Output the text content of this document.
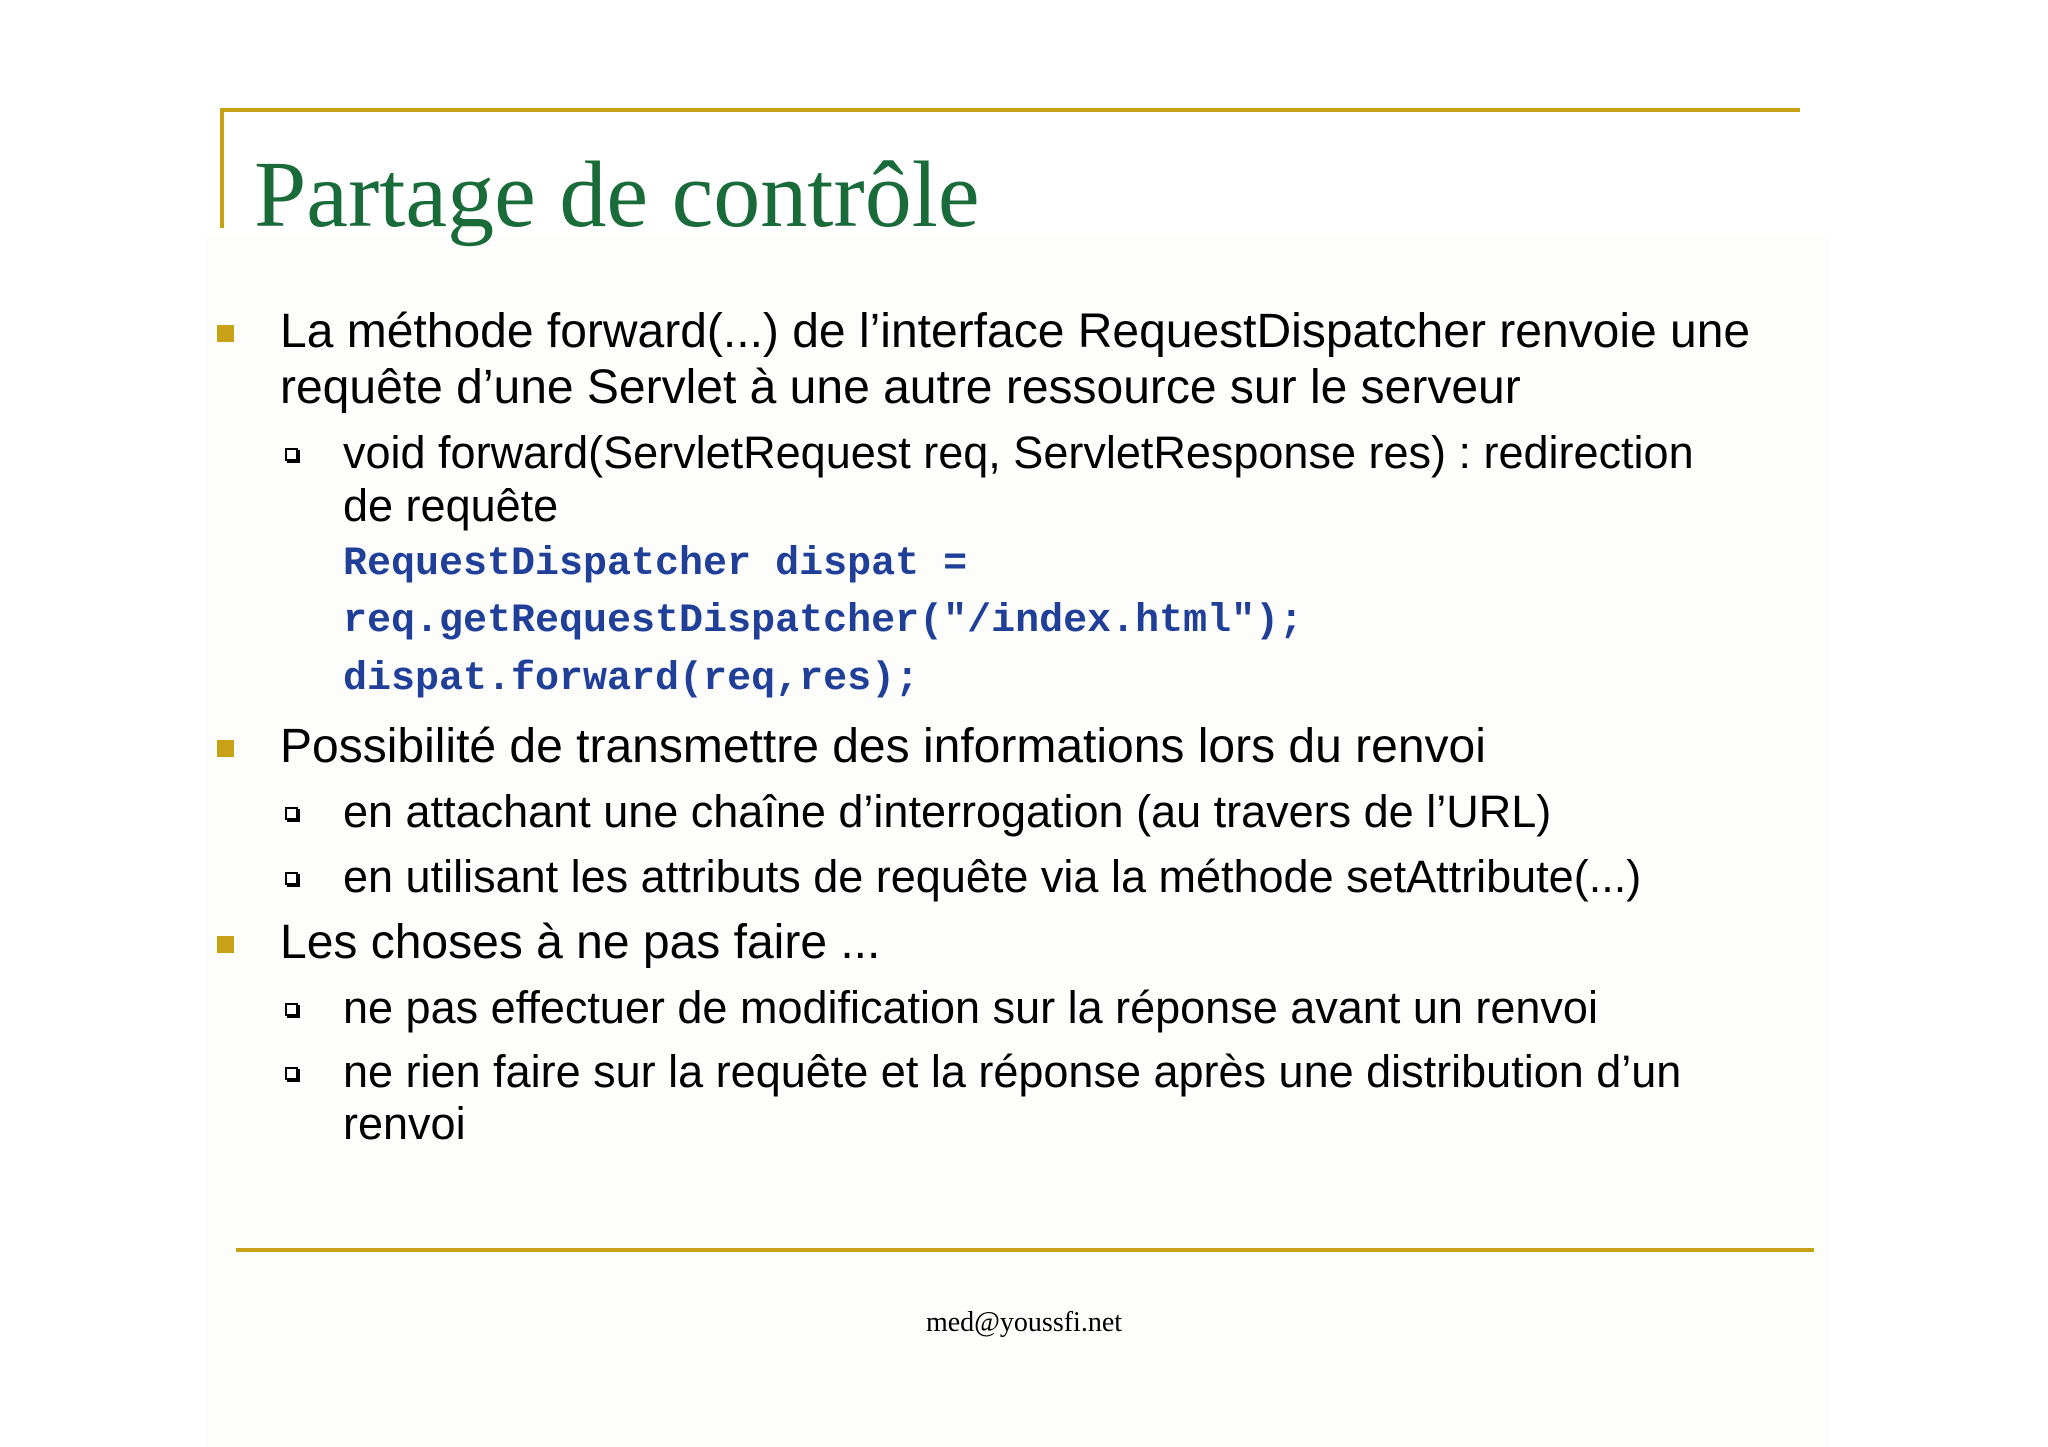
Partage de contrôle
La méthode forward(...) de l’interface RequestDispatcher renvoie une
requête d’une Servlet à une autre ressource sur le serveur
void forward(ServletRequest req, ServletResponse res) : redirection
de requête
RequestDispatcher dispat =
req.getRequestDispatcher("/index.html");
dispat.forward(req,res);
Possibilité de transmettre des informations lors du renvoi
en attachant une chaîne d’interrogation (au travers de l’URL)
en utilisant les attributs de requête via la méthode setAttribute(...)
Les choses à ne pas faire ...
ne pas effectuer de modification sur la réponse avant un renvoi
ne rien faire sur la requête et la réponse après une distribution d’un
renvoi
med@youssfi.net
